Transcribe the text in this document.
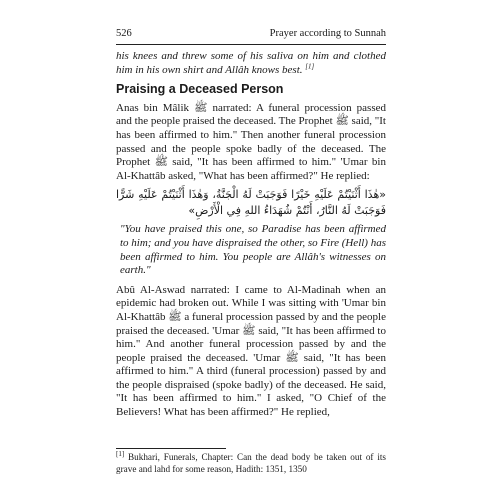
526	Prayer according to Sunnah

his knees and threw some of his saliva on him and clothed him in his own shirt and Allâh knows best. [1]

Praising a Deceased Person

Anas bin Mâlik ﷺ narrated: A funeral procession passed and the people praised the deceased. The Prophet ﷺ said, "It has been affirmed to him." Then another funeral procession passed and the people spoke badly of the deceased. The Prophet ﷺ said, "It has been affirmed to him." 'Umar bin Al-Khattâb asked, "What has been affirmed?" He replied:

«هٰذَا أَثْنَيْتُمْ عَلَيْهِ خَيْرًا فَوَجَبَتْ لَهُ الْجَنَّةُ، وَهٰذَا أَثْنَيْتُمْ عَلَيْهِ شَرًّا فَوَجَبَتْ لَهُ النَّارُ، أَنْتُمْ شُهَدَاءُ اللهِ فِي الْأَرْضِ»

"You have praised this one, so Paradise has been affirmed to him; and you have dispraised the other, so Fire (Hell) has been affirmed to him. You people are Allâh's witnesses on earth."

Abû Al-Aswad narrated: I came to Al-Madinah when an epidemic had broken out. While I was sitting with 'Umar bin Al-Khattâb ﷺ a funeral procession passed by and the people praised the deceased. 'Umar ﷺ said, "It has been affirmed to him." And another funeral procession passed by and the people praised the deceased. 'Umar ﷺ said, "It has been affirmed to him." A third (funeral procession) passed by and the people dispraised (spoke badly) of the deceased. He said, "It has been affirmed to him." I asked, "O Chief of the Believers! What has been affirmed?" He replied,

[1] Bukhari, Funerals, Chapter: Can the dead body be taken out of its grave and lahd for some reason, Hadith: 1351, 1350
